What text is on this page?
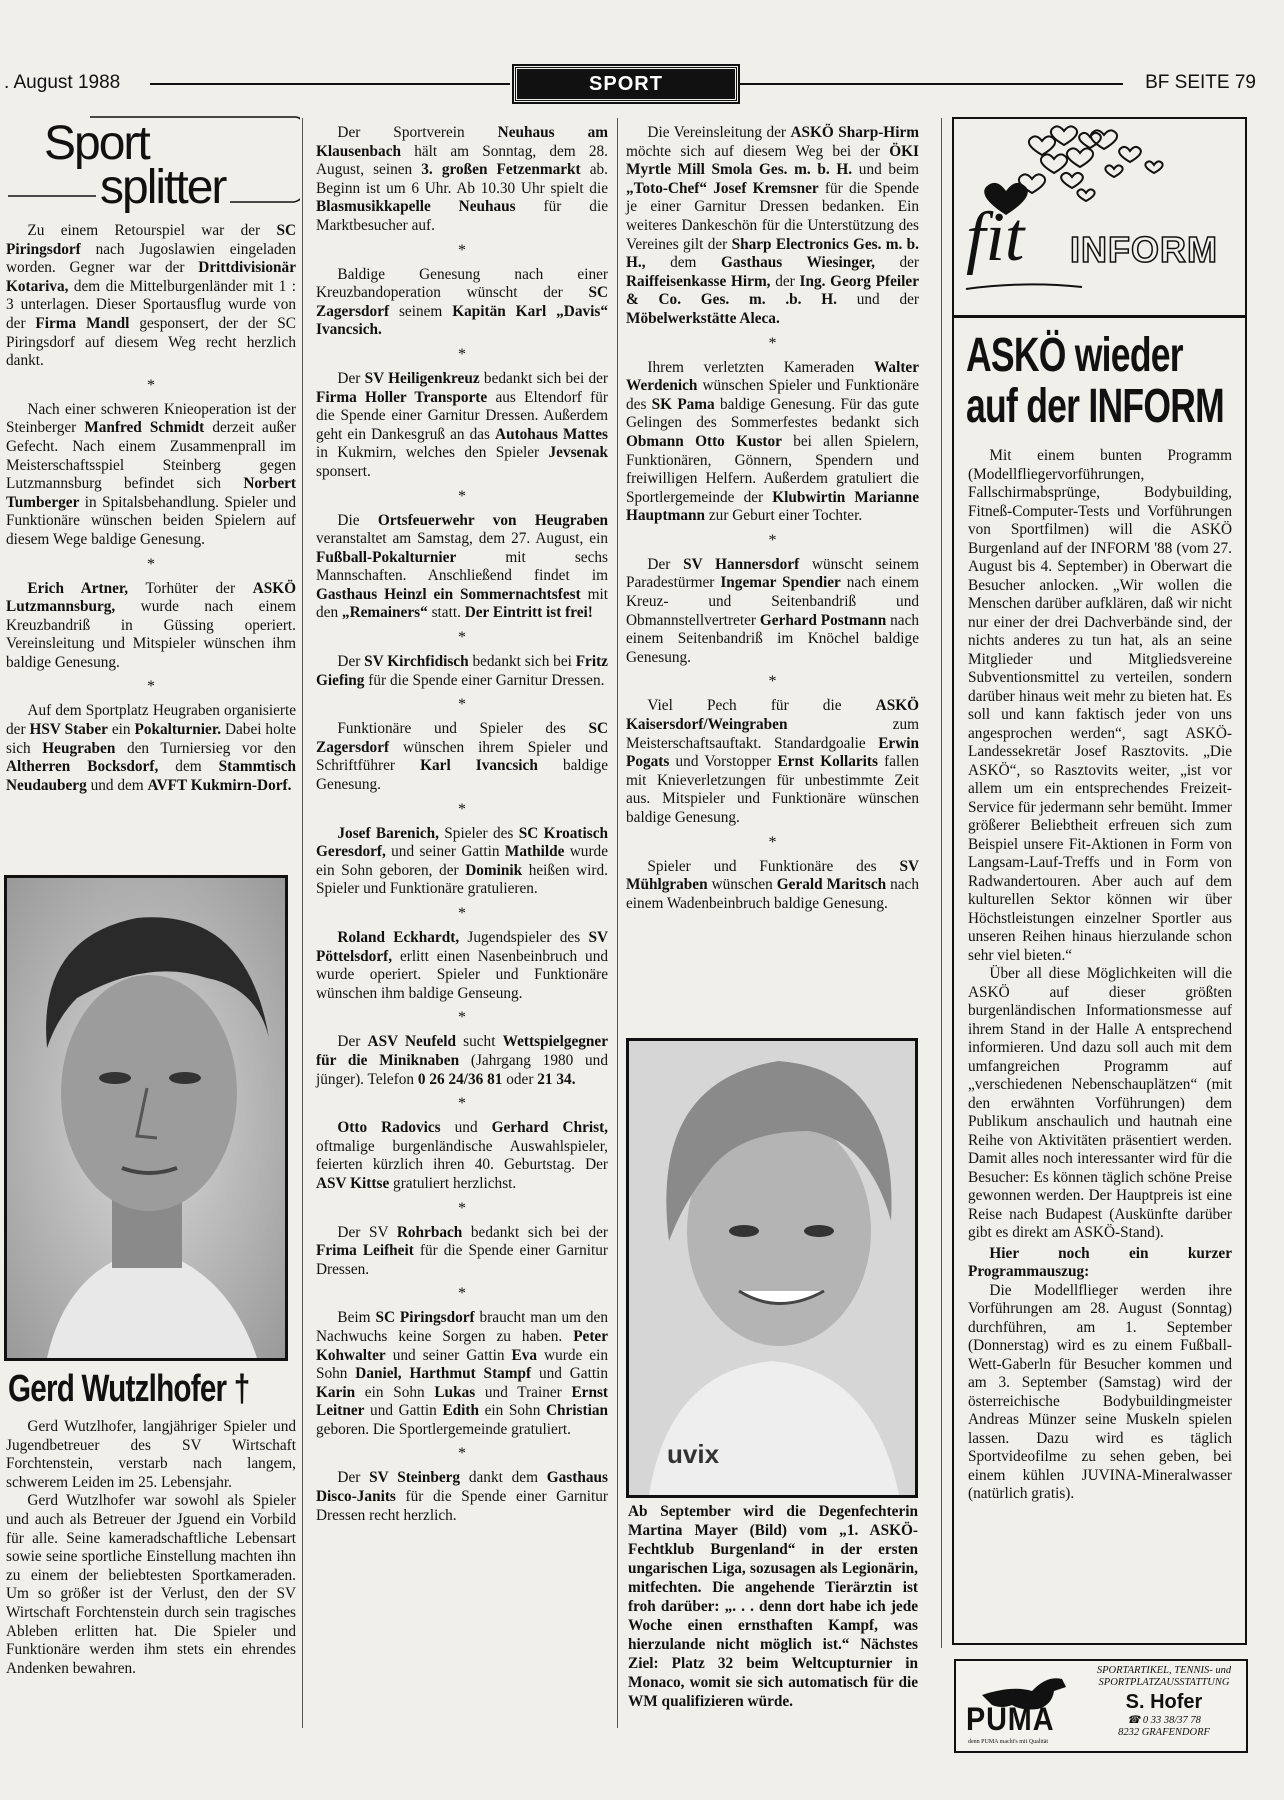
. August 1988	SPORT	BF SEITE 79
Sport
splitter

Zu einem Retourspiel war der SC Piringsdorf nach Jugoslawien eingeladen worden. Gegner war der Drittdivisionär Kotariva, dem die Mittelburgenländer mit 1 : 3 unterlagen. Dieser Sportausflug wurde von der Firma Mandl gesponsert, der der SC Piringsdorf auf diesem Weg recht herzlich dankt.

*

Nach einer schweren Knieoperation ist der Steinberger Manfred Schmidt derzeit außer Gefecht. Nach einem Zusammenprall im Meisterschaftsspiel Steinberg gegen Lutzmannsburg befindet sich Norbert Tumberger in Spitalsbehandlung. Spieler und Funktionäre wünschen beiden Spielern auf diesem Wege baldige Genesung.

*

Erich Artner, Torhüter der ASKÖ Lutzmannsburg, wurde nach einem Kreuzbandriß in Güssing operiert. Vereinsleitung und Mitspieler wünschen ihm baldige Genesung.

*

Auf dem Sportplatz Heugraben organisierte der HSV Staber ein Pokalturnier. Dabei holte sich Heugraben den Turniersieg vor den Altherren Bocksdorf, dem Stammtisch Neudauberg und dem AVFT Kukmirn-Dorf.

Gerd Wutzlhofer †

Gerd Wutzlhofer, langjähriger Spieler und Jugendbetreuer des SV Wirtschaft Forchtenstein, verstarb nach langem, schwerem Leiden im 25. Lebensjahr.

Gerd Wutzlhofer war sowohl als Spieler und auch als Betreuer der Jguend ein Vorbild für alle. Seine kameradschaftliche Lebensart sowie seine sportliche Einstellung machten ihn zu einem der beliebtesten Sportkameraden. Um so größer ist der Verlust, den der SV Wirtschaft Forchtenstein durch sein tragisches Ableben erlitten hat. Die Spieler und Funktionäre werden ihm stets ein ehrendes Andenken bewahren.

Der Sportverein Neuhaus am Klausenbach hält am Sonntag, dem 28. August, seinen 3. großen Fetzenmarkt ab. Beginn ist um 6 Uhr. Ab 10.30 Uhr spielt die Blasmusikkapelle Neuhaus für die Marktbesucher auf.

*

Baldige Genesung nach einer Kreuzbandoperation wünscht der SC Zagersdorf seinem Kapitän Karl „Davis“ Ivancsich.

*

Der SV Heiligenkreuz bedankt sich bei der Firma Holler Transporte aus Eltendorf für die Spende einer Garnitur Dressen. Außerdem geht ein Dankesgruß an das Autohaus Mattes in Kukmirn, welches den Spieler Jevsenak sponsert.

*

Die Ortsfeuerwehr von Heugraben veranstaltet am Samstag, dem 27. August, ein Fußball-Pokalturnier mit sechs Mannschaften. Anschließend findet im Gasthaus Heinzl ein Sommernachtsfest mit den „Remainers“ statt. Der Eintritt ist frei!

*

Der SV Kirchfidisch bedankt sich bei Fritz Giefing für die Spende einer Garnitur Dressen.

*

Funktionäre und Spieler des SC Zagersdorf wünschen ihrem Spieler und Schriftführer Karl Ivancsich baldige Genesung.

*

Josef Barenich, Spieler des SC Kroatisch Geresdorf, und seiner Gattin Mathilde wurde ein Sohn geboren, der Dominik heißen wird. Spieler und Funktionäre gratulieren.

*

Roland Eckhardt, Jugendspieler des SV Pöttelsdorf, erlitt einen Nasenbeinbruch und wurde operiert. Spieler und Funktionäre wünschen ihm baldige Genseung.

*

Der ASV Neufeld sucht Wettspielgegner für die Miniknaben (Jahrgang 1980 und jünger). Telefon 0 26 24/36 81 oder 21 34.

*

Otto Radovics und Gerhard Christ, oftmalige burgenländische Auswahlspieler, feierten kürzlich ihren 40. Geburtstag. Der ASV Kittse gratuliert herzlichst.

*

Der SV Rohrbach bedankt sich bei der Frima Leifheit für die Spende einer Garnitur Dressen.

*

Beim SC Piringsdorf braucht man um den Nachwuchs keine Sorgen zu haben. Peter Kohwalter und seiner Gattin Eva wurde ein Sohn Daniel, Harthmut Stampf und Gattin Karin ein Sohn Lukas und Trainer Ernst Leitner und Gattin Edith ein Sohn Christian geboren. Die Sportlergemeinde gratuliert.

*

Der SV Steinberg dankt dem Gasthaus Disco-Janits für die Spende einer Garnitur Dressen recht herzlich.

Die Vereinsleitung der ASKÖ Sharp-Hirm möchte sich auf diesem Weg bei der ÖKI Myrtle Mill Smola Ges. m. b. H. und beim „Toto-Chef“ Josef Kremsner für die Spende je einer Garnitur Dressen bedanken. Ein weiteres Dankeschön für die Unterstützung des Vereines gilt der Sharp Electronics Ges. m. b. H., dem Gasthaus Wiesinger, der Raiffeisenkasse Hirm, der Ing. Georg Pfeiler & Co. Ges. m. .b. H. und der Möbelwerkstätte Aleca.

*

Ihrem verletzten Kameraden Walter Werdenich wünschen Spieler und Funktionäre des SK Pama baldige Genesung. Für das gute Gelingen des Sommerfestes bedankt sich Obmann Otto Kustor bei allen Spielern, Funktionären, Gönnern, Spendern und freiwilligen Helfern. Außerdem gratuliert die Sportlergemeinde der Klubwirtin Marianne Hauptmann zur Geburt einer Tochter.

*

Der SV Hannersdorf wünscht seinem Paradestürmer Ingemar Spendier nach einem Kreuz- und Seitenbandriß und Obmannstellvertreter Gerhard Postmann nach einem Seitenbandriß im Knöchel baldige Genesung.

*

Viel Pech für die ASKÖ Kaisersdorf/Weingraben zum Meisterschaftsauftakt. Standardgoalie Erwin Pogats und Vorstopper Ernst Kollarits fallen mit Knieverletzungen für unbestimmte Zeit aus. Mitspieler und Funktionäre wünschen baldige Genesung.

*

Spieler und Funktionäre des SV Mühlgraben wünschen Gerald Maritsch nach einem Wadenbeinbruch baldige Genesung.

uvix

Ab September wird die Degenfechterin Martina Mayer (Bild) vom „1. ASKÖ-Fechtklub Burgenland“ in der ersten ungarischen Liga, sozusagen als Legionärin, mitfechten. Die angehende Tierärztin ist froh darüber: „. . . denn dort habe ich jede Woche einen ernsthaften Kampf, was hierzulande nicht möglich ist.“ Nächstes Ziel: Platz 32 beim Weltcupturnier in Monaco, womit sie sich automatisch für die WM qualifizieren würde.

fit INFORM
ASKÖ wieder
auf der INFORM

Mit einem bunten Programm (Modellfliegervorführungen, Fallschirmabsprünge, Bodybuilding, Fitneß-Computer-Tests und Vorführungen von Sportfilmen) will die ASKÖ Burgenland auf der INFORM '88 (vom 27. August bis 4. September) in Oberwart die Besucher anlocken. „Wir wollen die Menschen darüber aufklären, daß wir nicht nur einer der drei Dachverbände sind, der nichts anderes zu tun hat, als an seine Mitglieder und Mitgliedsvereine Subventionsmittel zu verteilen, sondern darüber hinaus weit mehr zu bieten hat. Es soll und kann faktisch jeder von uns angesprochen werden“, sagt ASKÖ-Landessekretär Josef Rasztovits. „Die ASKÖ“, so Rasztovits weiter, „ist vor allem um ein entsprechendes Freizeit-Service für jedermann sehr bemüht. Immer größerer Beliebtheit erfreuen sich zum Beispiel unsere Fit-Aktionen in Form von Langsam-Lauf-Treffs und in Form von Radwandertouren. Aber auch auf dem kulturellen Sektor können wir über Höchstleistungen einzelner Sportler aus unseren Reihen hinaus hierzulande schon sehr viel bieten.“

Über all diese Möglichkeiten will die ASKÖ auf dieser größten burgenländischen Informationsmesse auf ihrem Stand in der Halle A entsprechend informieren. Und dazu soll auch mit dem umfangreichen Programm auf „verschiedenen Nebenschauplätzen“ (mit den erwähnten Vorführungen) dem Publikum anschaulich und hautnah eine Reihe von Aktivitäten präsentiert werden. Damit alles noch interessanter wird für die Besucher: Es können täglich schöne Preise gewonnen werden. Der Hauptpreis ist eine Reise nach Budapest (Auskünfte darüber gibt es direkt am ASKÖ-Stand).

Hier noch ein kurzer Programmauszug:

Die Modellflieger werden ihre Vorführungen am 28. August (Sonntag) durchführen, am 1. September (Donnerstag) wird es zu einem Fußball-Wett-Gaberln für Besucher kommen und am 3. September (Samstag) wird der österreichische Bodybuildingmeister Andreas Münzer seine Muskeln spielen lassen. Dazu wird es täglich Sportvideofilme zu sehen geben, bei einem kühlen JUVINA-Mineralwasser (natürlich gratis).

PUMA
denn PUMA macht's mit Qualität
SPORTARTIKEL, TENNIS- und
SPORTPLATZAUSSTATTUNG
S. Hofer
☎ 0 33 38/37 78
8232 GRAFENDORF
